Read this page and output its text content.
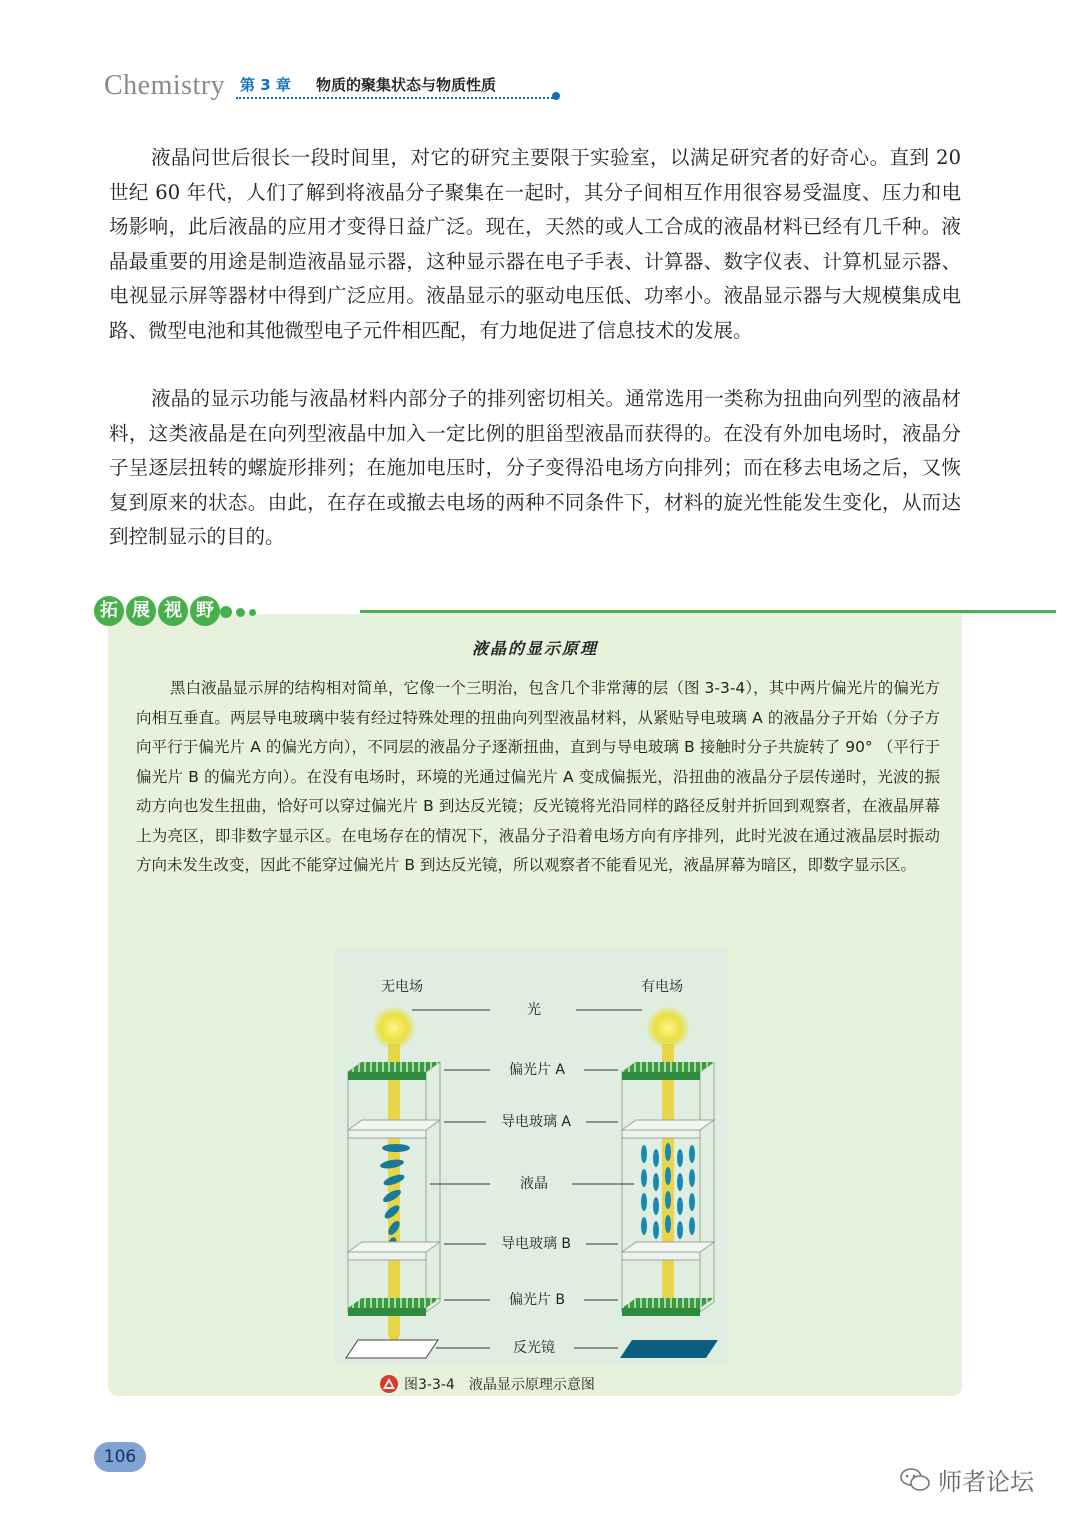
Chemistry 第 3 章 物质的聚集状态与物质性质

液晶问世后很长一段时间里，对它的研究主要限于实验室，以满足研究者的好奇心。直到 20 世纪 60 年代，人们了解到将液晶分子聚集在一起时，其分子间相互作用很容易受温度、压力和电场影响，此后液晶的应用才变得日益广泛。现在，天然的或人工合成的液晶材料已经有几千种。液晶最重要的用途是制造液晶显示器，这种显示器在电子手表、计算器、数字仪表、计算机显示器、电视显示屏等器材中得到广泛应用。液晶显示的驱动电压低、功率小。液晶显示器与大规模集成电路、微型电池和其他微型电子元件相匹配，有力地促进了信息技术的发展。

液晶的显示功能与液晶材料内部分子的排列密切相关。通常选用一类称为扭曲向列型的液晶材料，这类液晶是在向列型液晶中加入一定比例的胆甾型液晶而获得的。在没有外加电场时，液晶分子呈逐层扭转的螺旋形排列；在施加电压时，分子变得沿电场方向排列；而在移去电场之后，又恢复到原来的状态。由此，在存在或撤去电场的两种不同条件下，材料的旋光性能发生变化，从而达到控制显示的目的。

液晶的显示原理

黑白液晶显示屏的结构相对简单，它像一个三明治，包含几个非常薄的层（图 3-3-4），其中两片偏光片的偏光方向相互垂直。两层导电玻璃中装有经过特殊处理的扭曲向列型液晶材料，从紧贴导电玻璃 A 的液晶分子开始（分子方向平行于偏光片 A 的偏光方向），不同层的液晶分子逐渐扭曲，直到与导电玻璃 B 接触时分子共旋转了 90° （平行于偏光片 B 的偏光方向）。在没有电场时，环境的光通过偏光片 A 变成偏振光，沿扭曲的液晶分子层传递时，光波的振动方向也发生扭曲，恰好可以穿过偏光片 B 到达反光镜；反光镜将光沿同样的路径反射并折回到观察者，在液晶屏幕上为亮区，即非数字显示区。在电场存在的情况下，液晶分子沿着电场方向有序排列，此时光波在通过液晶层时振动方向未发生改变，因此不能穿过偏光片 B 到达反光镜，所以观察者不能看见光，液晶屏幕为暗区，即数字显示区。

拓 展 视 野
无电场	有电场
光
偏光片 A
导电玻璃 A
液晶
导电玻璃 B
偏光片 B
反光镜
图3-3-4　液晶显示原理示意图
106
师者论坛
